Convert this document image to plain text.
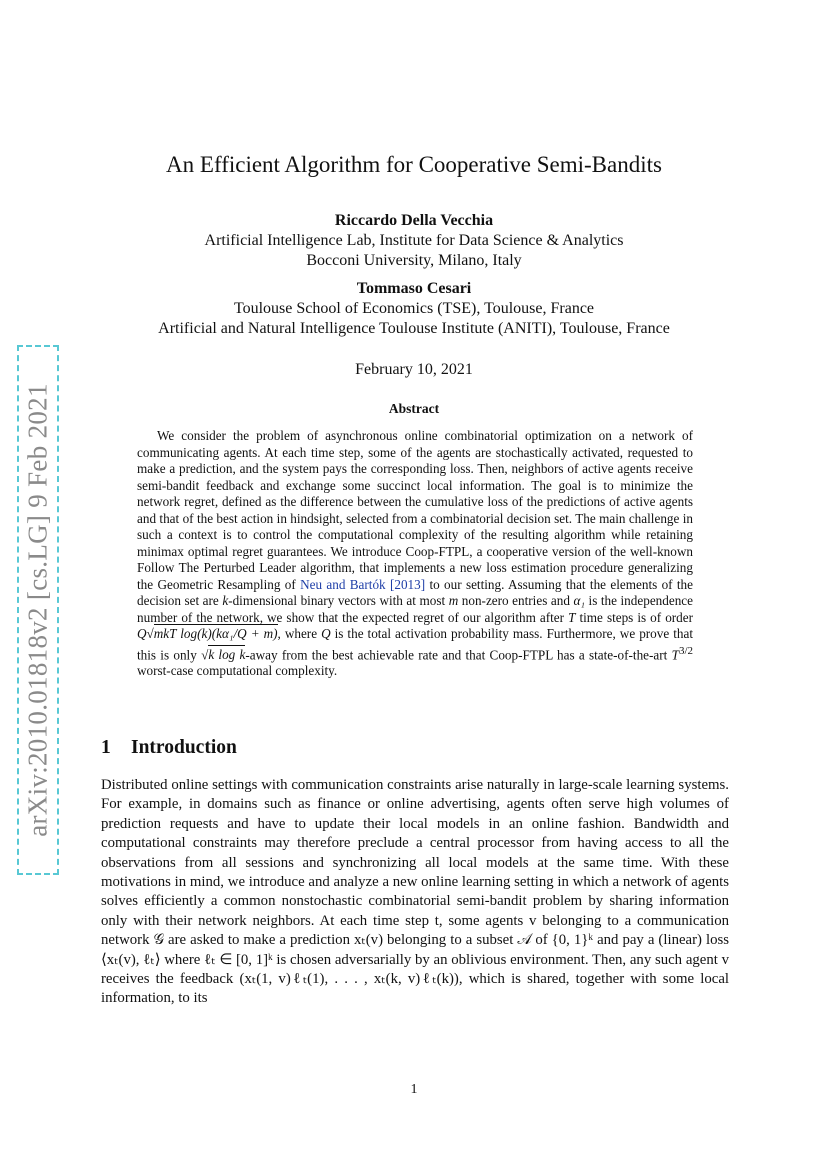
arXiv:2010.01818v2 [cs.LG] 9 Feb 2021
An Efficient Algorithm for Cooperative Semi-Bandits
Riccardo Della Vecchia
Artificial Intelligence Lab, Institute for Data Science & Analytics
Bocconi University, Milano, Italy
Tommaso Cesari
Toulouse School of Economics (TSE), Toulouse, France
Artificial and Natural Intelligence Toulouse Institute (ANITI), Toulouse, France
February 10, 2021
Abstract

We consider the problem of asynchronous online combinatorial optimization on a network of communicating agents. At each time step, some of the agents are stochastically activated, requested to make a prediction, and the system pays the corresponding loss. Then, neighbors of active agents receive semi-bandit feedback and exchange some succinct local information. The goal is to minimize the network regret, defined as the difference between the cumulative loss of the predictions of active agents and that of the best action in hindsight, selected from a combinatorial decision set. The main challenge in such a context is to control the computational complexity of the resulting algorithm while retaining minimax optimal regret guarantees. We introduce Coop-FTPL, a cooperative version of the well-known Follow The Perturbed Leader algorithm, that implements a new loss estimation procedure generalizing the Geometric Resampling of Neu and Bartók [2013] to our setting. Assuming that the elements of the decision set are k-dimensional binary vectors with at most m non-zero entries and α₁ is the independence number of the network, we show that the expected regret of our algorithm after T time steps is of order Q√mkT log(k)(kα₁/Q + m), where Q is the total activation probability mass. Furthermore, we prove that this is only √k log k-away from the best achievable rate and that Coop-FTPL has a state-of-the-art $T^{3/2}$ worst-case computational complexity.

1 Introduction

Distributed online settings with communication constraints arise naturally in large-scale learning systems. For example, in domains such as finance or online advertising, agents often serve high volumes of prediction requests and have to update their local models in an online fashion. Bandwidth and computational constraints may therefore preclude a central processor from having access to all the observations from all sessions and synchronizing all local models at the same time. With these motivations in mind, we introduce and analyze a new online learning setting in which a network of agents solves efficiently a common nonstochastic combinatorial semi-bandit problem by sharing information only with their network neighbors. At each time step t, some agents v belonging to a communication network 𝒢 are asked to make a prediction xₜ(v) belonging to a subset 𝒜 of {0, 1}ᵏ and pay a (linear) loss ⟨xₜ(v), ℓₜ⟩ where ℓₜ ∈ [0, 1]ᵏ is chosen adversarially by an oblivious environment. Then, any such agent v receives the feedback (xₜ(1, v)ℓₜ(1), . . . , xₜ(k, v)ℓₜ(k)), which is shared, together with some local information, to its

1
